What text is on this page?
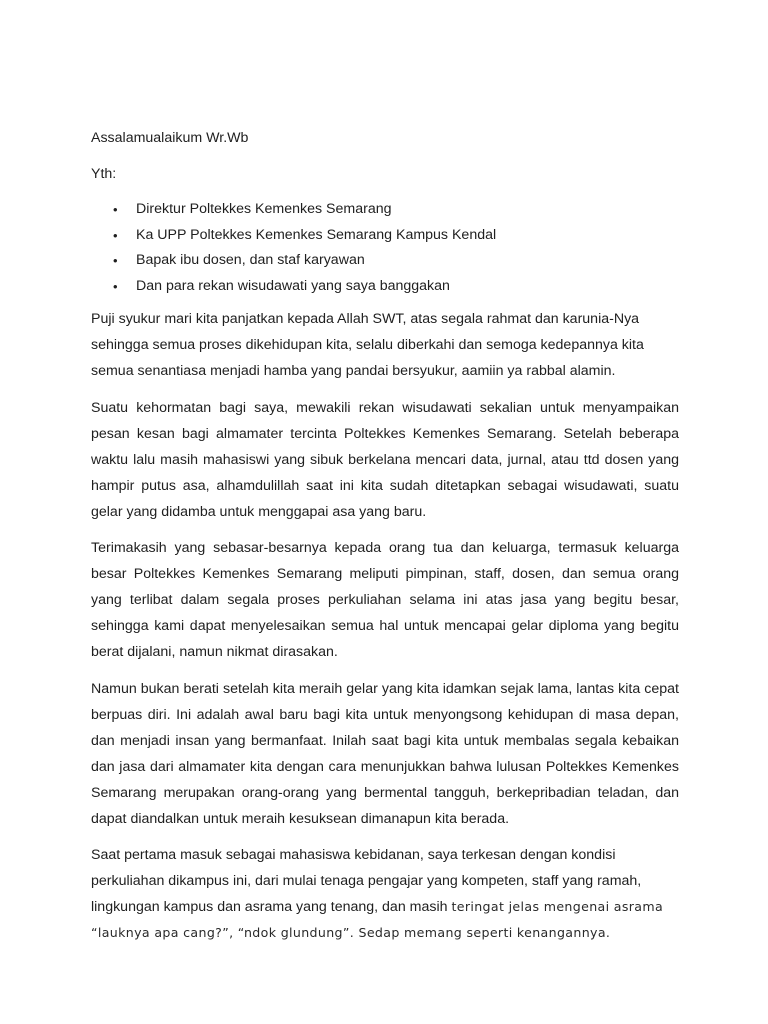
Assalamualaikum Wr.Wb

Yth:

• Direktur Poltekkes Kemenkes Semarang
• Ka UPP Poltekkes Kemenkes Semarang Kampus Kendal
• Bapak ibu dosen, dan staf karyawan
• Dan para rekan wisudawati yang saya banggakan

Puji syukur mari kita panjatkan kepada Allah SWT, atas segala rahmat dan karunia-Nya sehingga semua proses dikehidupan kita, selalu diberkahi dan semoga kedepannya kita semua senantiasa menjadi hamba yang pandai bersyukur, aamiin ya rabbal alamin.

Suatu kehormatan bagi saya, mewakili rekan wisudawati sekalian untuk menyampaikan pesan kesan bagi almamater tercinta Poltekkes Kemenkes Semarang. Setelah beberapa waktu lalu masih mahasiswi yang sibuk berkelana mencari data, jurnal, atau ttd dosen yang hampir putus asa, alhamdulillah saat ini kita sudah ditetapkan sebagai wisudawati, suatu gelar yang didamba untuk menggapai asa yang baru.

Terimakasih yang sebasar-besarnya kepada orang tua dan keluarga, termasuk keluarga besar Poltekkes Kemenkes Semarang meliputi pimpinan, staff, dosen, dan semua orang yang terlibat dalam segala proses perkuliahan selama ini atas jasa yang begitu besar, sehingga kami dapat menyelesaikan semua hal untuk mencapai gelar diploma yang begitu berat dijalani, namun nikmat dirasakan.

Namun bukan berati setelah kita meraih gelar yang kita idamkan sejak lama, lantas kita cepat berpuas diri. Ini adalah awal baru bagi kita untuk menyongsong kehidupan di masa depan, dan menjadi insan yang bermanfaat. Inilah saat bagi kita untuk membalas segala kebaikan dan jasa dari almamater kita dengan cara menunjukkan bahwa lulusan Poltekkes Kemenkes Semarang merupakan orang-orang yang bermental tangguh, berkepribadian teladan, dan dapat diandalkan untuk meraih kesuksean dimanapun kita berada.

Saat pertama masuk sebagai mahasiswa kebidanan, saya terkesan dengan kondisi perkuliahan dikampus ini, dari mulai tenaga pengajar yang kompeten, staff yang ramah, lingkungan kampus dan asrama yang tenang, dan masih teringat jelas mengenai asrama “lauknya apa cang?”, “ndok glundung”. Sedap memang seperti kenangannya.
